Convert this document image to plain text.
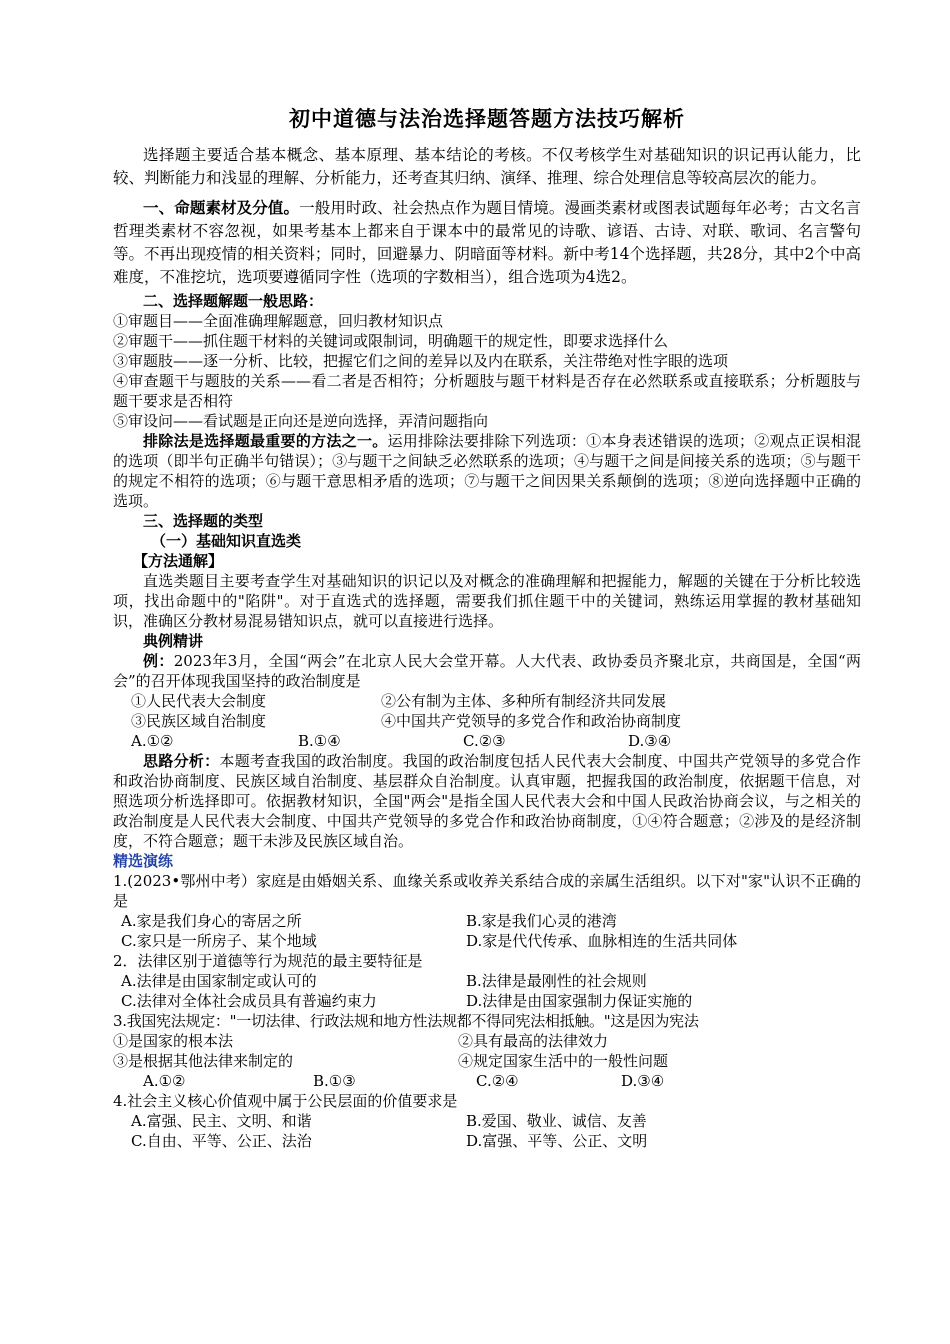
初中道德与法治选择题答题方法技巧解析

选择题主要适合基本概念、基本原理、基本结论的考核。不仅考核学生对基础知识的识记再认能力，比较、判断能力和浅显的理解、分析能力，还考查其归纳、演绎、推理、综合处理信息等较高层次的能力。

一、命题素材及分值。一般用时政、社会热点作为题目情境。漫画类素材或图表试题每年必考；古文名言哲理类素材不容忽视，如果考基本上都来自于课本中的最常见的诗歌、谚语、古诗、对联、歌词、名言警句等。不再出现疫情的相关资料；同时，回避暴力、阴暗面等材料。新中考14个选择题，共28分，其中2个中高难度，不准挖坑，选项要遵循同字性（选项的字数相当），组合选项为4选2。

二、选择题解题一般思路：

①审题目——全面准确理解题意，回归教材知识点

②审题干——抓住题干材料的关键词或限制词，明确题干的规定性，即要求选择什么

③审题肢——逐一分析、比较，把握它们之间的差异以及内在联系，关注带绝对性字眼的选项

④审查题干与题肢的关系——看二者是否相符；分析题肢与题干材料是否存在必然联系或直接联系；分析题肢与题干要求是否相符

⑤审设问——看试题是正向还是逆向选择，弄清问题指向

排除法是选择题最重要的方法之一。运用排除法要排除下列选项：①本身表述错误的选项；②观点正误相混的选项（即半句正确半句错误）；③与题干之间缺乏必然联系的选项；④与题干之间是间接关系的选项；⑤与题干的规定不相符的选项；⑥与题干意思相矛盾的选项；⑦与题干之间因果关系颠倒的选项；⑧逆向选择题中正确的选项。

三、选择题的类型

（一）基础知识直选类

【方法通解】

直选类题目主要考查学生对基础知识的识记以及对概念的准确理解和把握能力，解题的关键在于分析比较选项，找出命题中的"陷阱"。对于直选式的选择题，需要我们抓住题干中的关键词，熟练运用掌握的教材基础知识，准确区分教材易混易错知识点，就可以直接进行选择。

典例精讲

例：2023年3月，全国“两会”在北京人民大会堂开幕。人大代表、政协委员齐聚北京，共商国是，全国“两会”的召开体现我国坚持的政治制度是

①人民代表大会制度	②公有制为主体、多种所有制经济共同发展
③民族区域自治制度	④中国共产党领导的多党合作和政治协商制度
A.①②	B.①④	C.②③	D.③④

思路分析：本题考查我国的政治制度。我国的政治制度包括人民代表大会制度、中国共产党领导的多党合作和政治协商制度、民族区域自治制度、基层群众自治制度。认真审题，把握我国的政治制度，依据题干信息，对照选项分析选择即可。依据教材知识，全国"两会"是指全国人民代表大会和中国人民政治协商会议，与之相关的政治制度是人民代表大会制度、中国共产党领导的多党合作和政治协商制度，①④符合题意；②涉及的是经济制度，不符合题意；题干未涉及民族区域自治。

精选演练

1.(2023•鄂州中考）家庭是由婚姻关系、血缘关系或收养关系结合成的亲属生活组织。以下对"家"认识不正确的是

A.家是我们身心的寄居之所	B.家是我们心灵的港湾
C.家只是一所房子、某个地域	D.家是代代传承、血脉相连的生活共同体

2．法律区别于道德等行为规范的最主要特征是

A.法律是由国家制定或认可的	B.法律是最刚性的社会规则
C.法律对全体社会成员具有普遍约束力	D.法律是由国家强制力保证实施的

3.我国宪法规定："一切法律、行政法规和地方性法规都不得同宪法相抵触。"这是因为宪法

①是国家的根本法	②具有最高的法律效力
③是根据其他法律来制定的	④规定国家生活中的一般性问题
A.①②	B.①③	C.②④	D.③④

4.社会主义核心价值观中属于公民层面的价值要求是

A.富强、民主、文明、和谐	B.爱国、敬业、诚信、友善
C.自由、平等、公正、法治	D.富强、平等、公正、文明
